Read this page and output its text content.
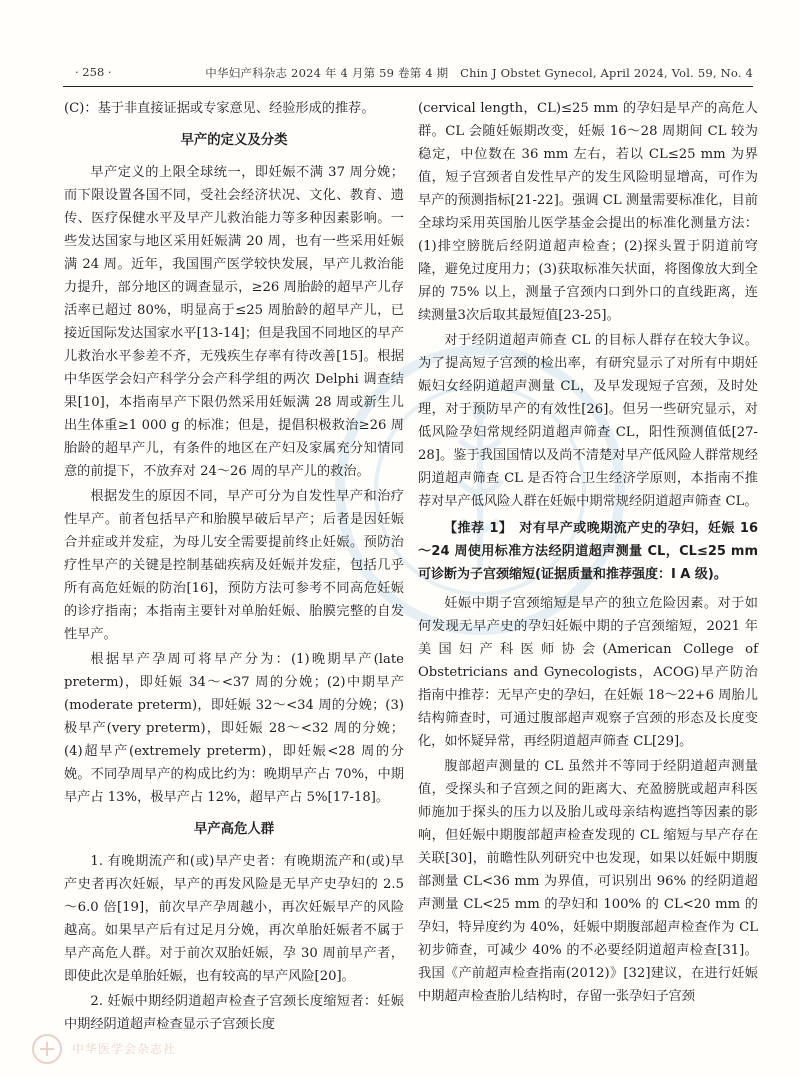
· 258 ·	中华妇产科杂志 2024 年 4 月第 59 卷第 4 期　Chin J Obstet Gynecol, April 2024, Vol. 59, No. 4
中华医学会杂志社

(C)：基于非直接证据或专家意见、经验形成的推荐。

早产的定义及分类

早产定义的上限全球统一，即妊娠不满 37 周分娩；而下限设置各国不同，受社会经济状况、文化、教育、遗传、医疗保健水平及早产儿救治能力等多种因素影响。一些发达国家与地区采用妊娠满 20 周，也有一些采用妊娠满 24 周。近年，我国围产医学较快发展，早产儿救治能力提升，部分地区的调查显示，≥26 周胎龄的超早产儿存活率已超过 80%，明显高于≤25 周胎龄的超早产儿，已接近国际发达国家水平[13-14]；但是我国不同地区的早产儿救治水平参差不齐，无残疾生存率有待改善[15]。根据中华医学会妇产科学分会产科学组的两次 Delphi 调查结果[10]，本指南早产下限仍然采用妊娠满 28 周或新生儿出生体重≥1 000 g 的标准；但是，提倡积极救治≥26 周胎龄的超早产儿，有条件的地区在产妇及家属充分知情同意的前提下，不放弃对 24～26 周的早产儿的救治。

根据发生的原因不同，早产可分为自发性早产和治疗性早产。前者包括早产和胎膜早破后早产；后者是因妊娠合并症或并发症，为母儿安全需要提前终止妊娠。预防治疗性早产的关键是控制基础疾病及妊娠并发症，包括几乎所有高危妊娠的防治[16]，预防方法可参考不同高危妊娠的诊疗指南；本指南主要针对单胎妊娠、胎膜完整的自发性早产。

根据早产孕周可将早产分为：(1)晚期早产(late preterm)，即妊娠 34～<37 周的分娩；(2)中期早产(moderate preterm)，即妊娠 32～<34 周的分娩；(3)极早产(very preterm)，即妊娠 28～<32 周的分娩；(4)超早产(extremely preterm)，即妊娠<28 周的分娩。不同孕周早产的构成比约为：晚期早产占 70%，中期早产占 13%，极早产占 12%，超早产占 5%[17-18]。

早产高危人群

1. 有晚期流产和(或)早产史者：有晚期流产和(或)早产史者再次妊娠，早产的再发风险是无早产史孕妇的 2.5～6.0 倍[19]，前次早产孕周越小，再次妊娠早产的风险越高。如果早产后有过足月分娩，再次单胎妊娠者不属于早产高危人群。对于前次双胎妊娠，孕 30 周前早产者，即使此次是单胎妊娠，也有较高的早产风险[20]。

2. 妊娠中期经阴道超声检查子宫颈长度缩短者：妊娠中期经阴道超声检查显示子宫颈长度

(cervical length，CL)≤25 mm 的孕妇是早产的高危人群。CL 会随妊娠期改变，妊娠 16～28 周期间 CL 较为稳定，中位数在 36 mm 左右，若以 CL≤25 mm 为界值，短子宫颈者自发性早产的发生风险明显增高，可作为早产的预测指标[21-22]。强调 CL 测量需要标准化，目前全球均采用英国胎儿医学基金会提出的标准化测量方法：(1)排空膀胱后经阴道超声检查；(2)探头置于阴道前穹隆，避免过度用力；(3)获取标准矢状面，将图像放大到全屏的 75% 以上，测量子宫颈内口到外口的直线距离，连续测量3次后取其最短值[23-25]。

对于经阴道超声筛查 CL 的目标人群存在较大争议。为了提高短子宫颈的检出率，有研究显示了对所有中期妊娠妇女经阴道超声测量 CL，及早发现短子宫颈，及时处理，对于预防早产的有效性[26]。但另一些研究显示，对低风险孕妇常规经阴道超声筛查 CL，阳性预测值低[27-28]。鉴于我国国情以及尚不清楚对早产低风险人群常规经阴道超声筛查 CL 是否符合卫生经济学原则，本指南不推荐对早产低风险人群在妊娠中期常规经阴道超声筛查 CL。

【推荐 1】　对有早产或晚期流产史的孕妇，妊娠 16～24 周使用标准方法经阴道超声测量 CL，CL≤25 mm 可诊断为子宫颈缩短(证据质量和推荐强度：Ⅰ A 级)。

妊娠中期子宫颈缩短是早产的独立危险因素。对于如何发现无早产史的孕妇妊娠中期的子宫颈缩短，2021 年美国妇产科医师协会(American College of Obstetricians and Gynecologists，ACOG)早产防治指南中推荐：无早产史的孕妇，在妊娠 18～22+6 周胎儿结构筛查时，可通过腹部超声观察子宫颈的形态及长度变化，如怀疑异常，再经阴道超声筛查 CL[29]。

腹部超声测量的 CL 虽然并不等同于经阴道超声测量值，受探头和子宫颈之间的距离大、充盈膀胱或超声科医师施加于探头的压力以及胎儿或母亲结构遮挡等因素的影响，但妊娠中期腹部超声检查发现的 CL 缩短与早产存在关联[30]，前瞻性队列研究中也发现，如果以妊娠中期腹部测量 CL<36 mm 为界值，可识别出 96% 的经阴道超声测量 CL<25 mm 的孕妇和 100% 的 CL<20 mm 的孕妇，特异度约为 40%，妊娠中期腹部超声检查作为 CL 初步筛查，可减少 40% 的不必要经阴道超声检查[31]。我国《产前超声检查指南(2012)》[32]建议，在进行妊娠中期超声检查胎儿结构时，存留一张孕妇子宫颈
